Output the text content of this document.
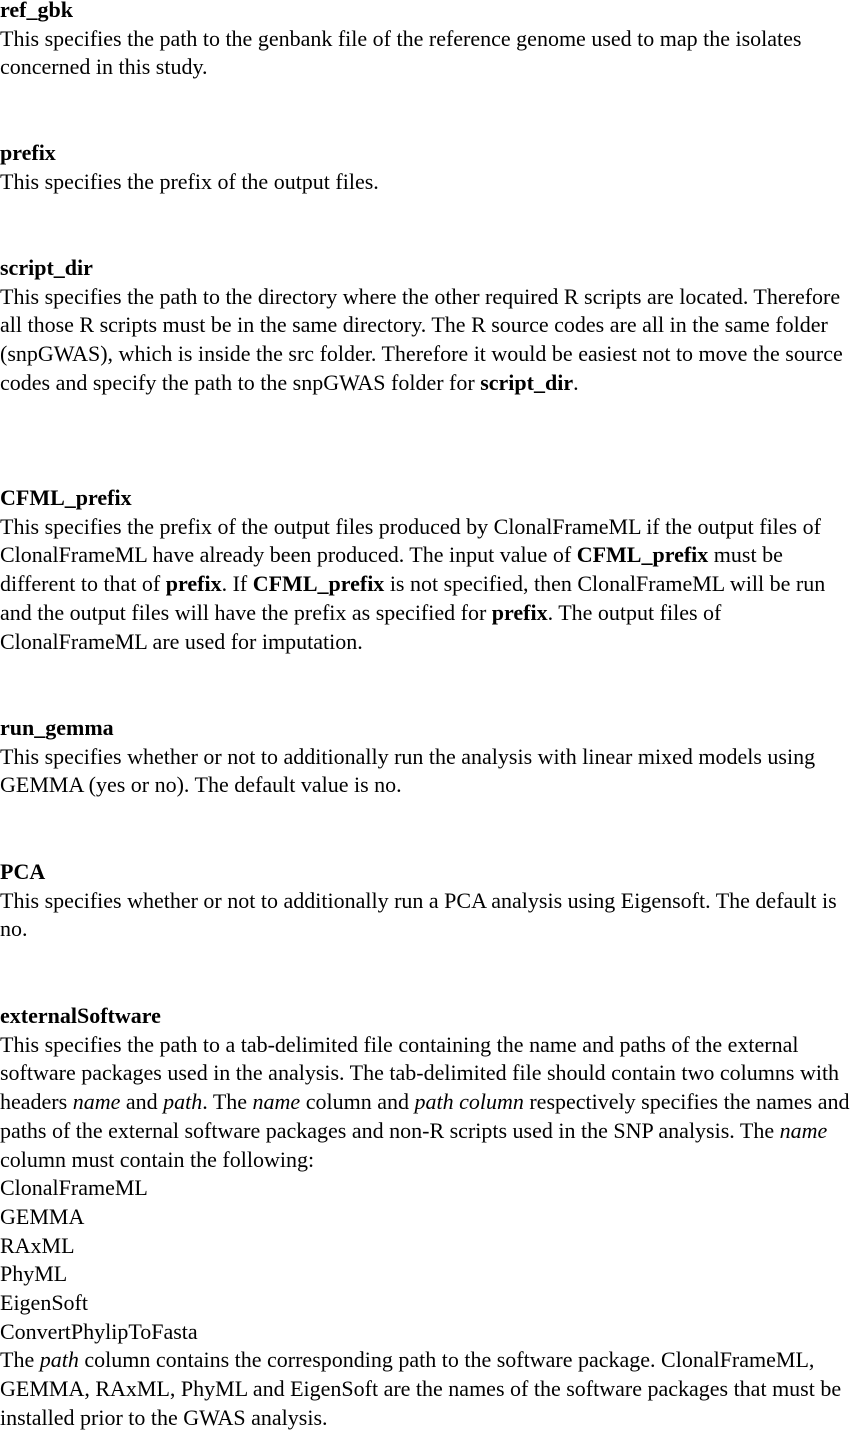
ref_gbk

This specifies the path to the genbank file of the reference genome used to map the isolates concerned in this study.

prefix

This specifies the prefix of the output files.

script_dir

This specifies the path to the directory where the other required R scripts are located. Therefore all those R scripts must be in the same directory. The R source codes are all in the same folder (snpGWAS), which is inside the src folder. Therefore it would be easiest not to move the source codes and specify the path to the snpGWAS folder for script_dir.

CFML_prefix

This specifies the prefix of the output files produced by ClonalFrameML if the output files of ClonalFrameML have already been produced. The input value of CFML_prefix must be different to that of prefix. If CFML_prefix is not specified, then ClonalFrameML will be run and the output files will have the prefix as specified for prefix. The output files of ClonalFrameML are used for imputation.

run_gemma

This specifies whether or not to additionally run the analysis with linear mixed models using GEMMA (yes or no). The default value is no.

PCA

This specifies whether or not to additionally run a PCA analysis using Eigensoft. The default is no.

externalSoftware

This specifies the path to a tab-delimited file containing the name and paths of the external software packages used in the analysis. The tab-delimited file should contain two columns with headers name and path. The name column and path column respectively specifies the names and paths of the external software packages and non-R scripts used in the SNP analysis. The name column must contain the following:

ClonalFrameML

GEMMA

RAxML

PhyML

EigenSoft

ConvertPhylipToFasta

The path column contains the corresponding path to the software package. ClonalFrameML, GEMMA, RAxML, PhyML and EigenSoft are the names of the software packages that must be installed prior to the GWAS analysis.
